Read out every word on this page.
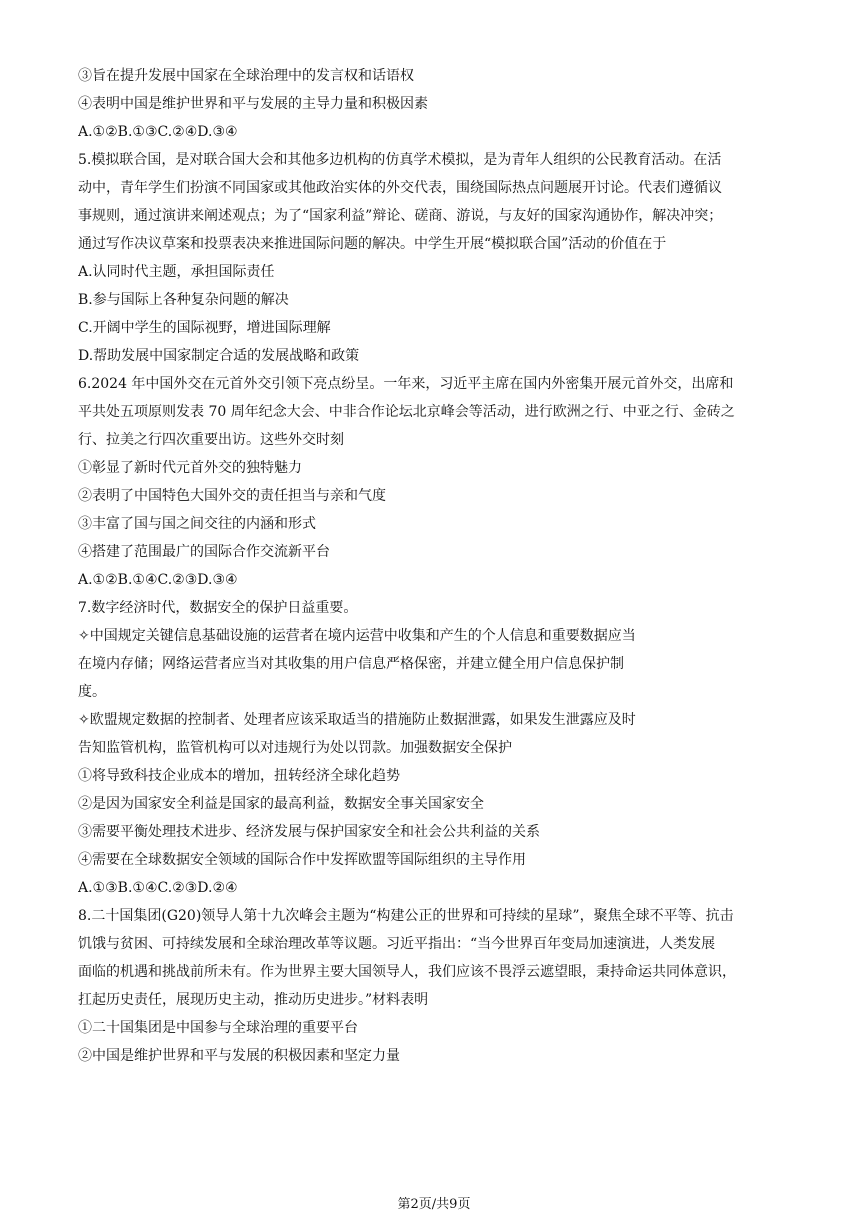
③旨在提升发展中国家在全球治理中的发言权和话语权
④表明中国是维护世界和平与发展的主导力量和积极因素
A.①②B.①③C.②④D.③④
5.模拟联合国，是对联合国大会和其他多边机构的仿真学术模拟，是为青年人组织的公民教育活动。在活
动中，青年学生们扮演不同国家或其他政治实体的外交代表，围绕国际热点问题展开讨论。代表们遵循议
事规则，通过演讲来阐述观点；为了“国家利益”辩论、磋商、游说，与友好的国家沟通协作，解决冲突；
通过写作决议草案和投票表决来推进国际问题的解决。中学生开展“模拟联合国”活动的价值在于
A.认同时代主题，承担国际责任
B.参与国际上各种复杂问题的解决
C.开阔中学生的国际视野，增进国际理解
D.帮助发展中国家制定合适的发展战略和政策
6.2024 年中国外交在元首外交引领下亮点纷呈。一年来，习近平主席在国内外密集开展元首外交，出席和
平共处五项原则发表 70 周年纪念大会、中非合作论坛北京峰会等活动，进行欧洲之行、中亚之行、金砖之
行、拉美之行四次重要出访。这些外交时刻
①彰显了新时代元首外交的独特魅力
②表明了中国特色大国外交的责任担当与亲和气度
③丰富了国与国之间交往的内涵和形式
④搭建了范围最广的国际合作交流新平台
A.①②B.①④C.②③D.③④
7.数字经济时代，数据安全的保护日益重要。
✧中国规定关键信息基础设施的运营者在境内运营中收集和产生的个人信息和重要数据应当
在境内存储；网络运营者应当对其收集的用户信息严格保密，并建立健全用户信息保护制
度。
✧欧盟规定数据的控制者、处理者应该采取适当的措施防止数据泄露，如果发生泄露应及时
告知监管机构，监管机构可以对违规行为处以罚款。加强数据安全保护
①将导致科技企业成本的增加，扭转经济全球化趋势
②是因为国家安全利益是国家的最高利益，数据安全事关国家安全
③需要平衡处理技术进步、经济发展与保护国家安全和社会公共利益的关系
④需要在全球数据安全领域的国际合作中发挥欧盟等国际组织的主导作用
A.①③B.①④C.②③D.②④
8.二十国集团(G20)领导人第十九次峰会主题为“构建公正的世界和可持续的星球”，聚焦全球不平等、抗击
饥饿与贫困、可持续发展和全球治理改革等议题。习近平指出：“当今世界百年变局加速演进，人类发展
面临的机遇和挑战前所未有。作为世界主要大国领导人，我们应该不畏浮云遮望眼，秉持命运共同体意识，
扛起历史责任，展现历史主动，推动历史进步。”材料表明
①二十国集团是中国参与全球治理的重要平台
②中国是维护世界和平与发展的积极因素和坚定力量
第2页/共9页
